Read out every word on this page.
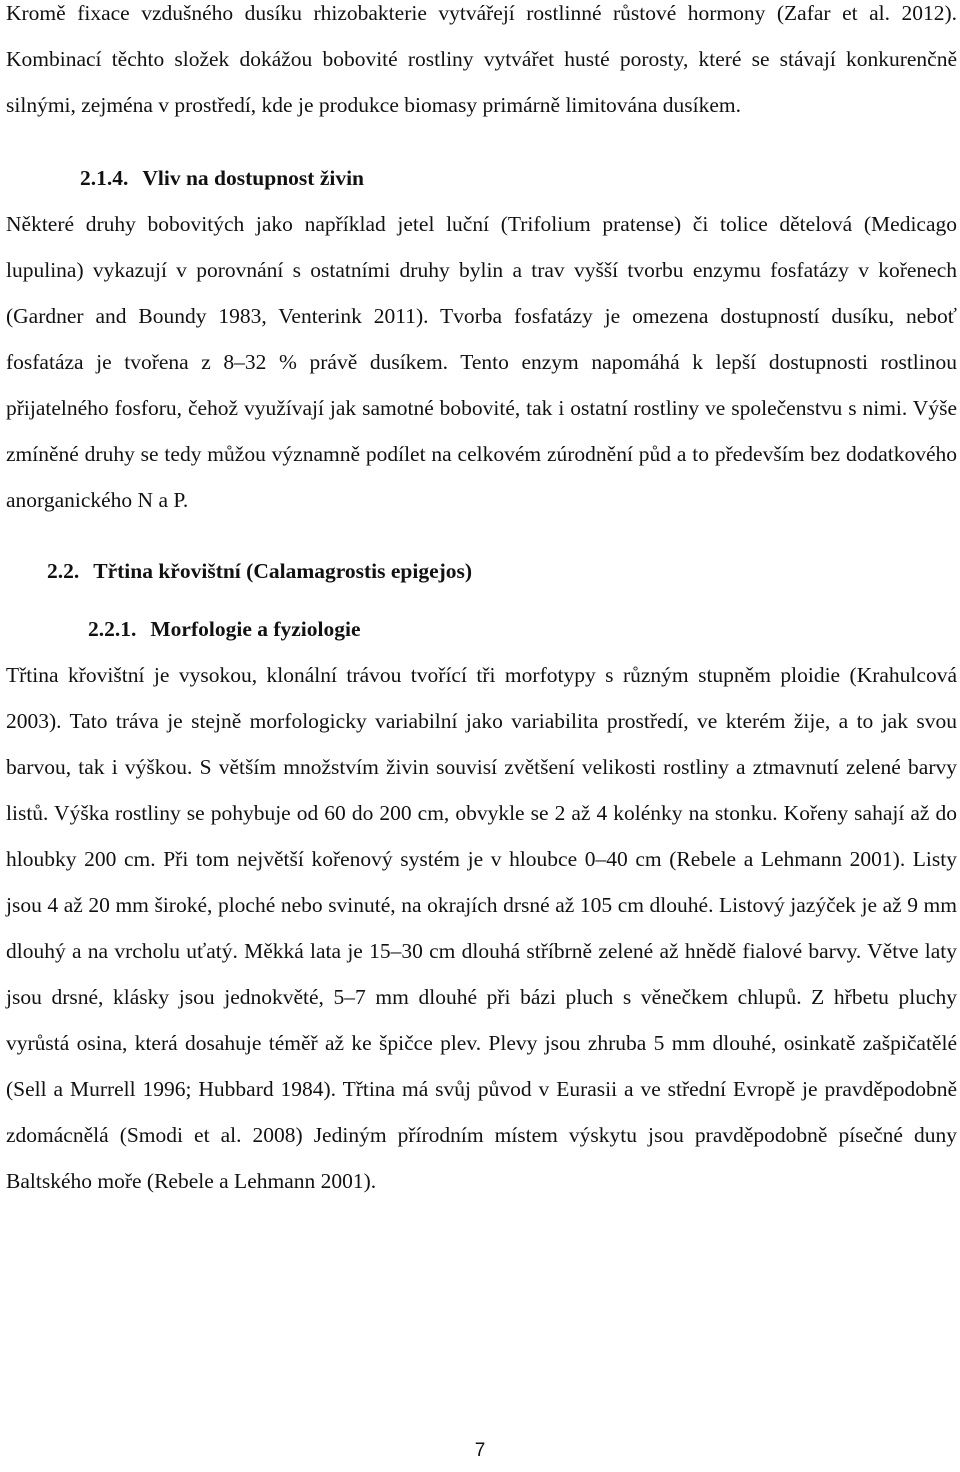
Kromě fixace vzdušného dusíku rhizobakterie vytvářejí rostlinné růstové hormony (Zafar et al. 2012). Kombinací těchto složek dokážou bobovité rostliny vytvářet husté porosty, které se stávají konkurenčně silnými, zejména v prostředí, kde je produkce biomasy primárně limitována dusíkem.

2.1.4. Vliv na dostupnost živin

Některé druhy bobovitých jako například jetel luční (Trifolium pratense) či tolice dětelová (Medicago lupulina) vykazují v porovnání s ostatními druhy bylin a trav vyšší tvorbu enzymu fosfatázy v kořenech (Gardner and Boundy 1983, Venterink 2011). Tvorba fosfatázy je omezena dostupností dusíku, neboť fosfatáza je tvořena z 8–32 % právě dusíkem. Tento enzym napomáhá k lepší dostupnosti rostlinou přijatelného fosforu, čehož využívají jak samotné bobovité, tak i ostatní rostliny ve společenstvu s nimi. Výše zmíněné druhy se tedy můžou významně podílet na celkovém zúrodnění půd a to především bez dodatkového anorganického N a P.

2.2. Třtina křovištní (Calamagrostis epigejos)
2.2.1. Morfologie a fyziologie

Třtina křovištní je vysokou, klonální trávou tvořící tři morfotypy s různým stupněm ploidie (Krahulcová 2003). Tato tráva je stejně morfologicky variabilní jako variabilita prostředí, ve kterém žije, a to jak svou barvou, tak i výškou. S větším množstvím živin souvisí zvětšení velikosti rostliny a ztmavnutí zelené barvy listů. Výška rostliny se pohybuje od 60 do 200 cm, obvykle se 2 až 4 kolénky na stonku. Kořeny sahají až do hloubky 200 cm. Při tom největší kořenový systém je v hloubce 0–40 cm (Rebele a Lehmann 2001). Listy jsou 4 až 20 mm široké, ploché nebo svinuté, na okrajích drsné až 105 cm dlouhé. Listový jazýček je až 9 mm dlouhý a na vrcholu uťatý. Měkká lata je 15–30 cm dlouhá stříbrně zelené až hnědě fialové barvy. Větve laty jsou drsné, klásky jsou jednokvěté, 5–7 mm dlouhé při bázi pluch s věnečkem chlupů. Z hřbetu pluchy vyrůstá osina, která dosahuje téměř až ke špičce plev. Plevy jsou zhruba 5 mm dlouhé, osinkatě zašpičatělé (Sell a Murrell 1996; Hubbard 1984). Třtina má svůj původ v Eurasii a ve střední Evropě je pravděpodobně zdomácnělá (Smodi et al. 2008) Jediným přírodním místem výskytu jsou pravděpodobně písečné duny Baltského moře (Rebele a Lehmann 2001).

7
